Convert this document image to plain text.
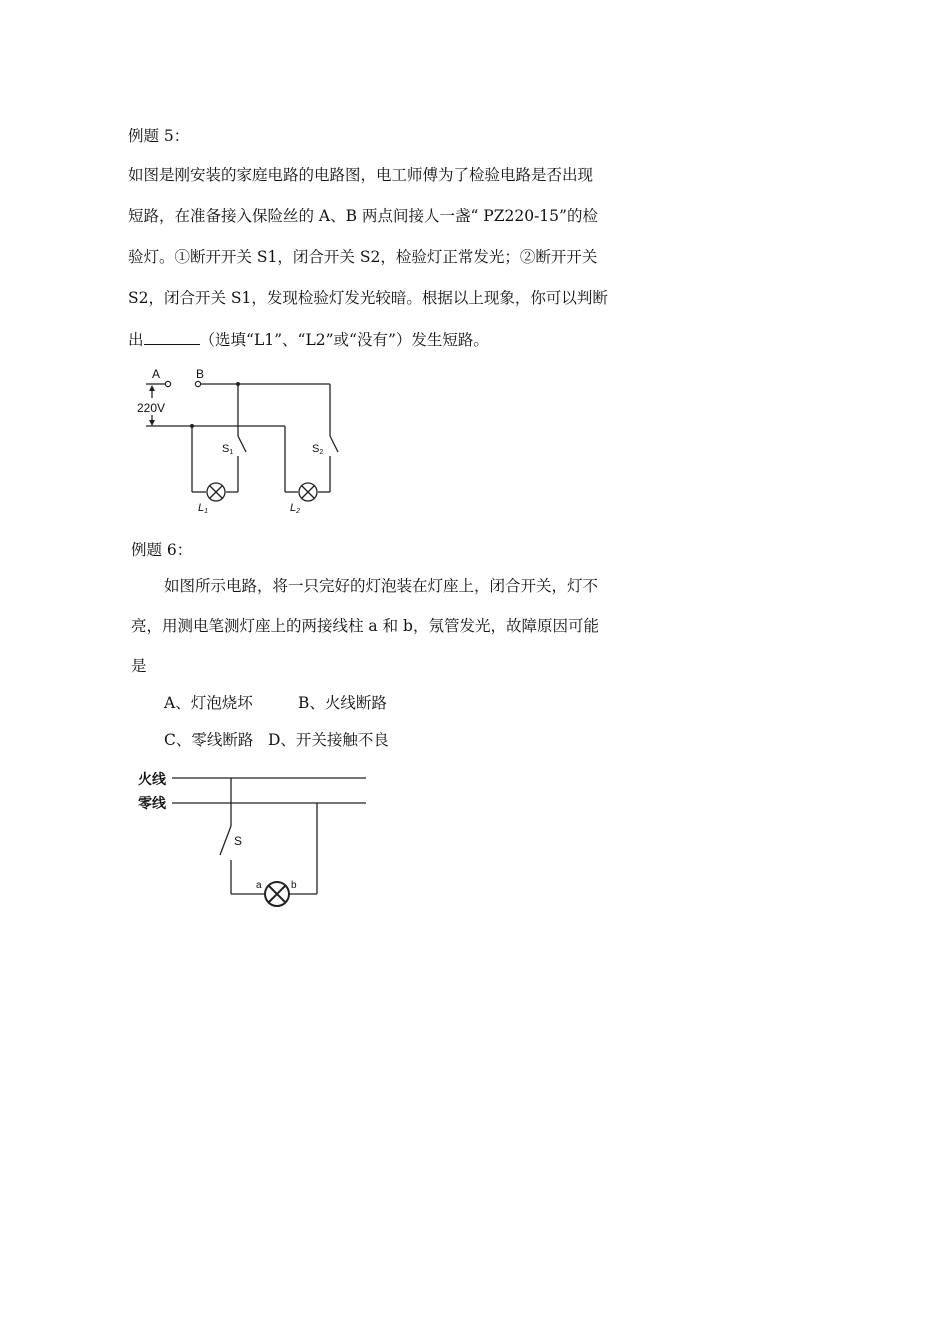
例题 5：
如图是刚安装的家庭电路的电路图，电工师傅为了检验电路是否出现
短路，在准备接入保险丝的 A、B 两点间接人一盏“ PZ220-15”的检
验灯。①断开开关 S1，闭合开关 S2，检验灯正常发光；②断开开关
S2，闭合开关 S1，发现检验灯发光较暗。根据以上现象，你可以判断
出	（选填“L1”、“L2”或“没有”）发生短路。
A	B
220V
S1
L1	L2
S2
例题 6：
如图所示电路，将一只完好的灯泡装在灯座上，闭合开关，灯不
亮，用测电笔测灯座上的两接线柱 a 和 b，氖管发光，故障原因可能
是
A、灯泡烧坏	B、火线断路
C、零线断路 D、开关接触不良
火线
零线
S
a	b
